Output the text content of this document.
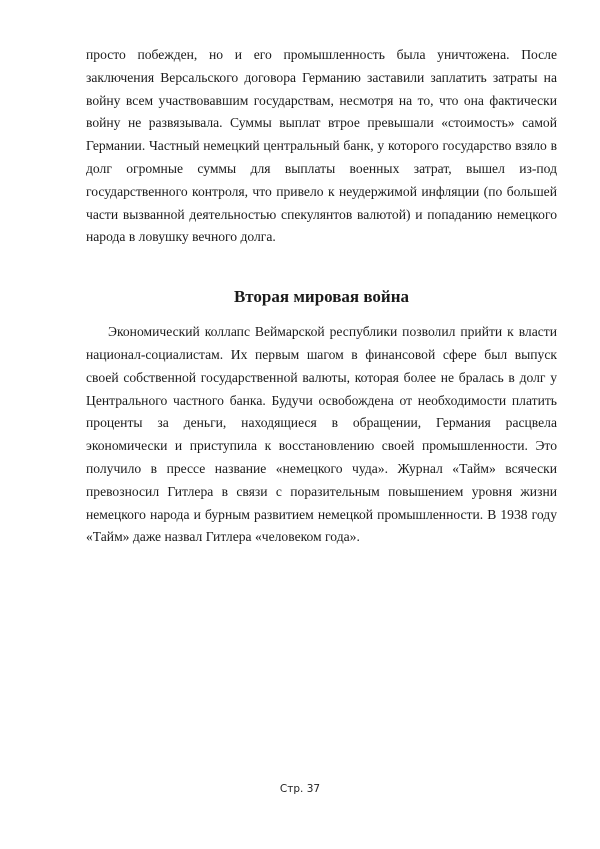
просто побежден, но и его промышленность была уничтожена. После заключения Версальского договора Германию заставили заплатить затраты на войну всем участвовавшим государствам, несмотря на то, что она фактически войну не развязывала. Суммы выплат втрое превышали «стоимость» самой Германии. Частный немецкий центральный банк, у которого государство взяло в долг огромные суммы для выплаты военных затрат, вышел из-под государственного контроля, что привело к неудержимой инфляции (по большей части вызванной деятельностью спекулянтов валютой) и попаданию немецкого народа в ловушку вечного долга.

Вторая мировая война

Экономический коллапс Веймарской республики позволил прийти к власти национал-социалистам. Их первым шагом в финансовой сфере был выпуск своей собственной государственной валюты, которая более не бралась в долг у Центрального частного банка. Будучи освобождена от необходимости платить проценты за деньги, находящиеся в обращении, Германия расцвела экономически и приступила к восстановлению своей промышленности. Это получило в прессе название «немецкого чуда». Журнал «Тайм» всячески превозносил Гитлера в связи с поразительным повышением уровня жизни немецкого народа и бурным развитием немецкой промышленности. В 1938 году «Тайм» даже назвал Гитлера «человеком года».

Стр. 37
